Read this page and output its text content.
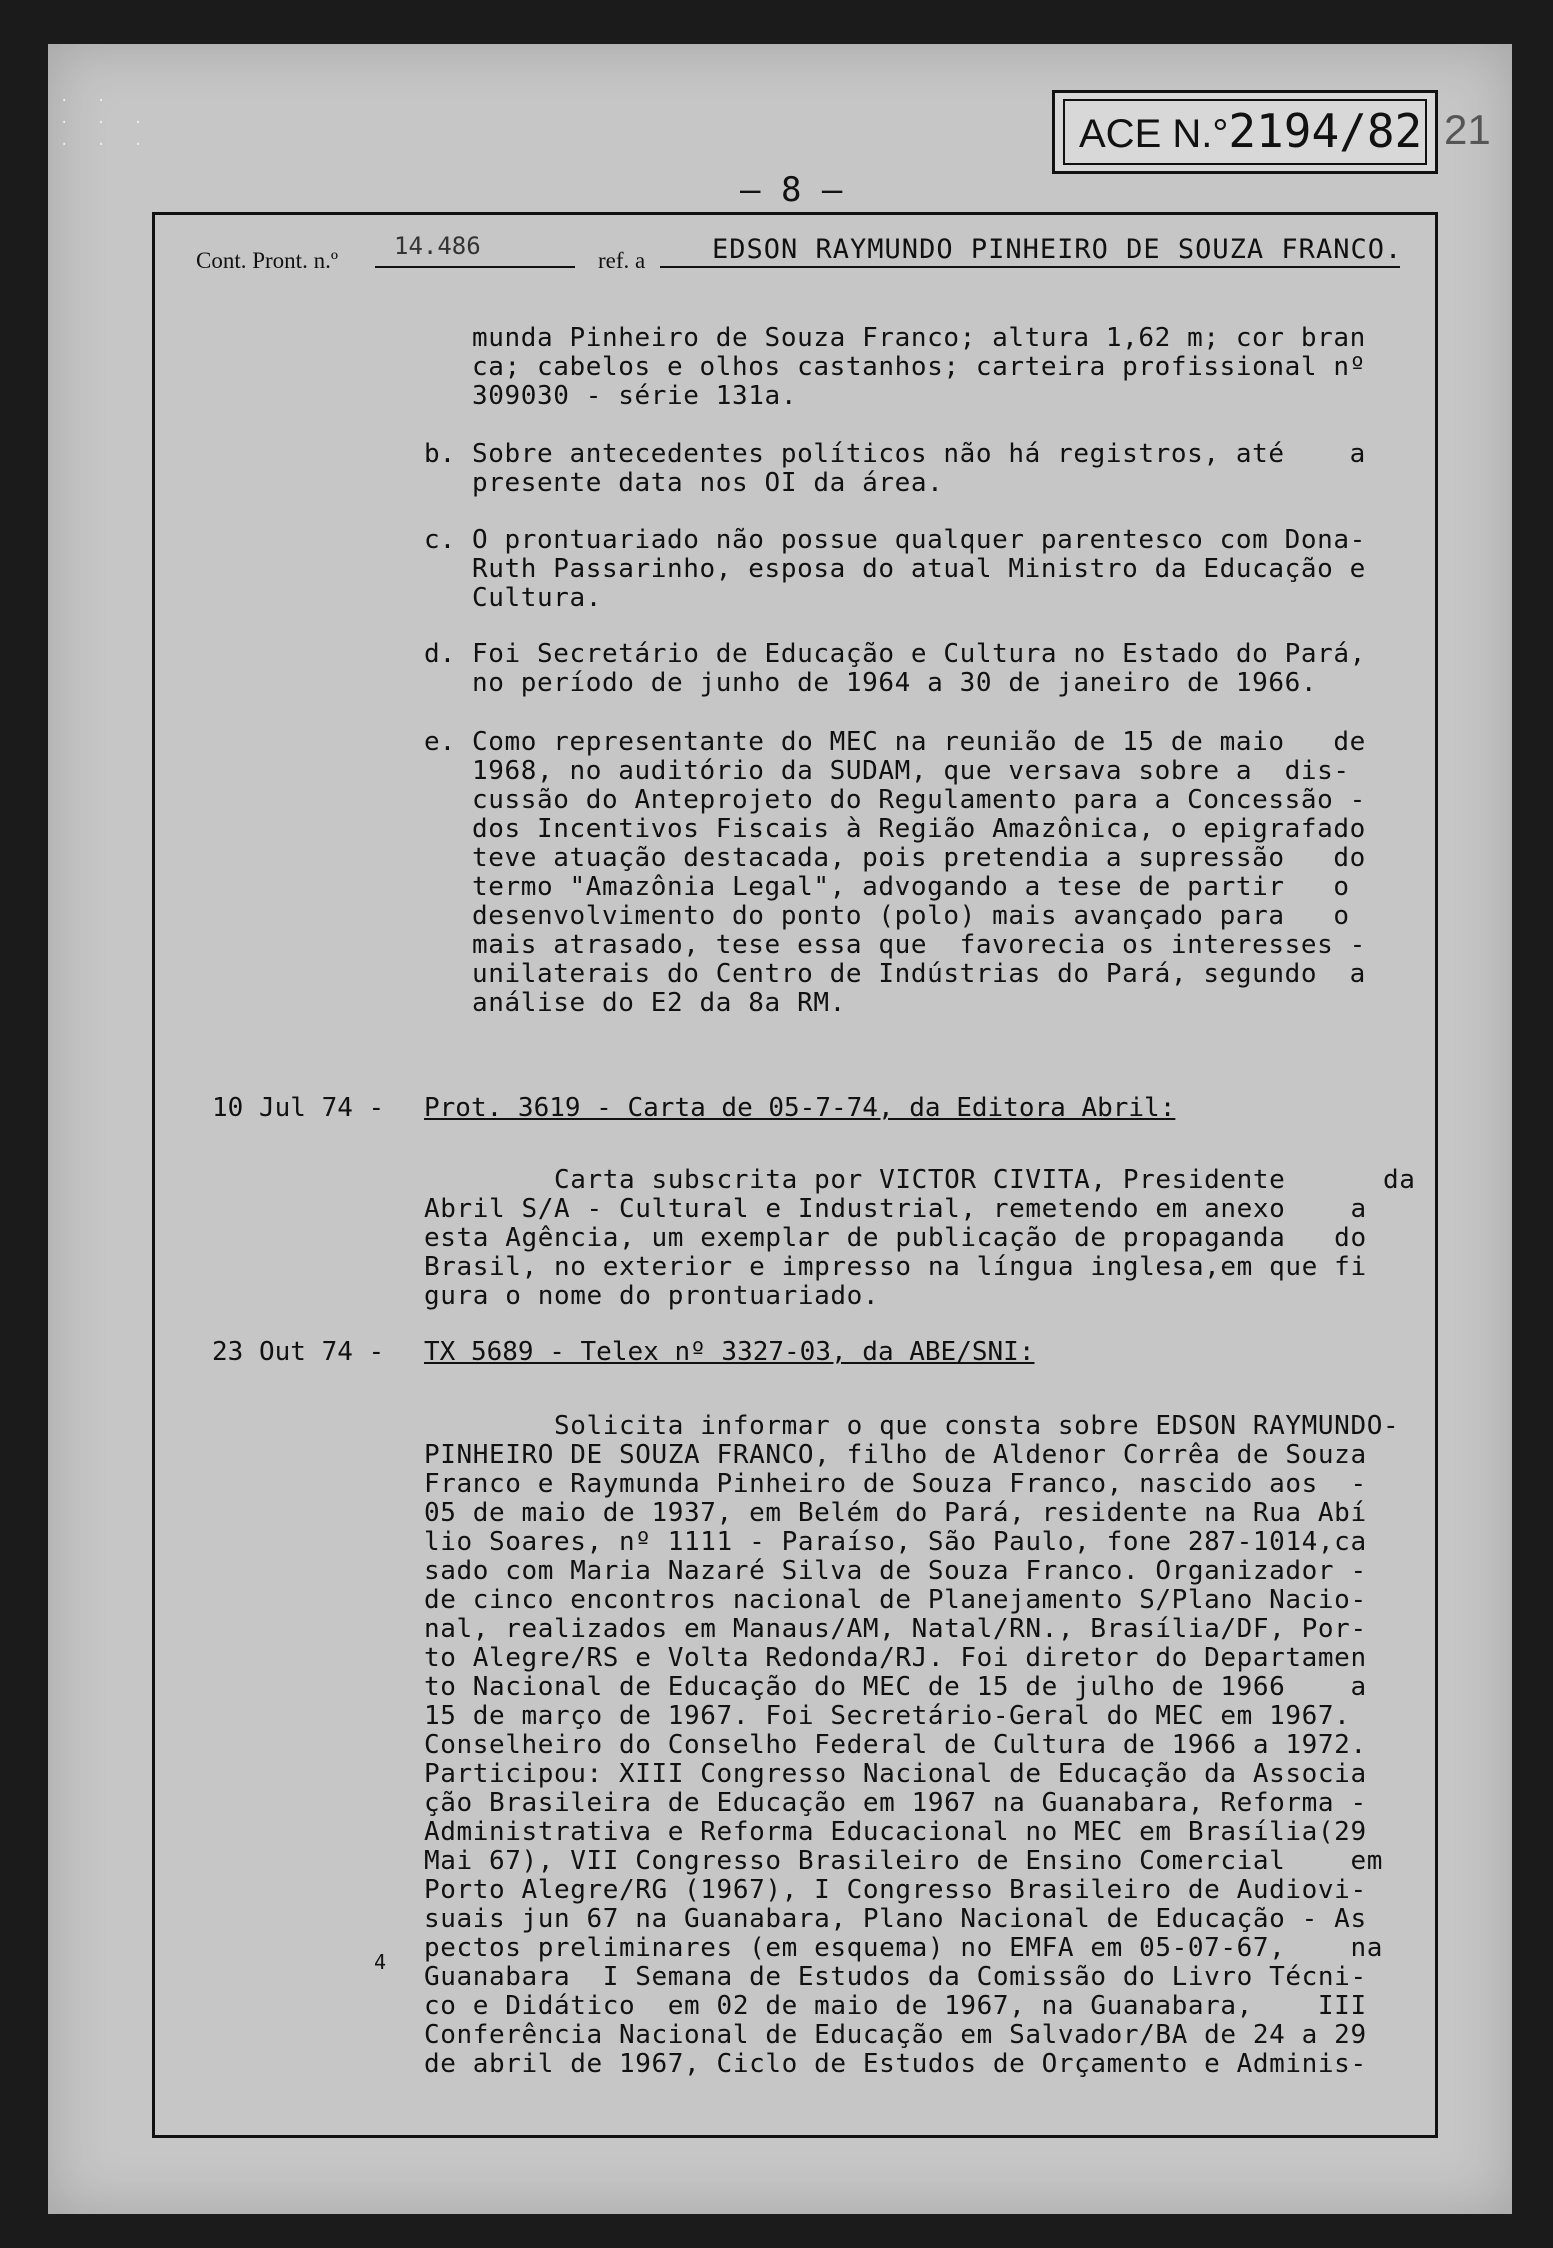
· ·
· · ·
· · ·	ACE N.°2194/82 21
— 8 —
Cont. Pront. n.º
14.486
ref. a EDSON RAYMUNDO PINHEIRO DE SOUZA FRANCO.
munda Pinheiro de Souza Franco; altura 1,62 m; cor bran
ca; cabelos e olhos castanhos; carteira profissional nº
309030 - série 131a.
b. Sobre antecedentes políticos não há registros, até    a
presente data nos OI da área.
c. O prontuariado não possue qualquer parentesco com Dona-
Ruth Passarinho, esposa do atual Ministro da Educação e
Cultura.
d. Foi Secretário de Educação e Cultura no Estado do Pará,
no período de junho de 1964 a 30 de janeiro de 1966.
e. Como representante do MEC na reunião de 15 de maio   de
1968, no auditório da SUDAM, que versava sobre a  dis-
cussão do Anteprojeto do Regulamento para a Concessão -
dos Incentivos Fiscais à Região Amazônica, o epigrafado
teve atuação destacada, pois pretendia a supressão   do
termo "Amazônia Legal", advogando a tese de partir   o
desenvolvimento do ponto (polo) mais avançado para   o
mais atrasado, tese essa que  favorecia os interesses -
unilaterais do Centro de Indústrias do Pará, segundo  a
análise do E2 da 8a RM.
10 Jul 74 - Prot. 3619 - Carta de 05-7-74, da Editora Abril:
Carta subscrita por VICTOR CIVITA, Presidente      da
Abril S/A - Cultural e Industrial, remetendo em anexo    a
esta Agência, um exemplar de publicação de propaganda   do
Brasil, no exterior e impresso na língua inglesa,em que fi
gura o nome do prontuariado.
23 Out 74 - TX 5689 - Telex nº 3327-03, da ABE/SNI:
Solicita informar o que consta sobre EDSON RAYMUNDO-
PINHEIRO DE SOUZA FRANCO, filho de Aldenor Corrêa de Souza
Franco e Raymunda Pinheiro de Souza Franco, nascido aos  -
05 de maio de 1937, em Belém do Pará, residente na Rua Abí
lio Soares, nº 1111 - Paraíso, São Paulo, fone 287-1014,ca
sado com Maria Nazaré Silva de Souza Franco. Organizador -
de cinco encontros nacional de Planejamento S/Plano Nacio-
nal, realizados em Manaus/AM, Natal/RN., Brasília/DF, Por-
to Alegre/RS e Volta Redonda/RJ. Foi diretor do Departamen
to Nacional de Educação do MEC de 15 de julho de 1966    a
15 de março de 1967. Foi Secretário-Geral do MEC em 1967.
Conselheiro do Conselho Federal de Cultura de 1966 a 1972.
Participou: XIII Congresso Nacional de Educação da Associa
ção Brasileira de Educação em 1967 na Guanabara, Reforma -
Administrativa e Reforma Educacional no MEC em Brasília(29
Mai 67), VII Congresso Brasileiro de Ensino Comercial    em
Porto Alegre/RG (1967), I Congresso Brasileiro de Audiovi-
suais jun 67 na Guanabara, Plano Nacional de Educação - As
pectos preliminares (em esquema) no EMFA em 05-07-67,    na
Guanabara  I Semana de Estudos da Comissão do Livro Técni-
co e Didático  em 02 de maio de 1967, na Guanabara,    III
Conferência Nacional de Educação em Salvador/BA de 24 a 29
de abril de 1967, Ciclo de Estudos de Orçamento e Adminis-
4
